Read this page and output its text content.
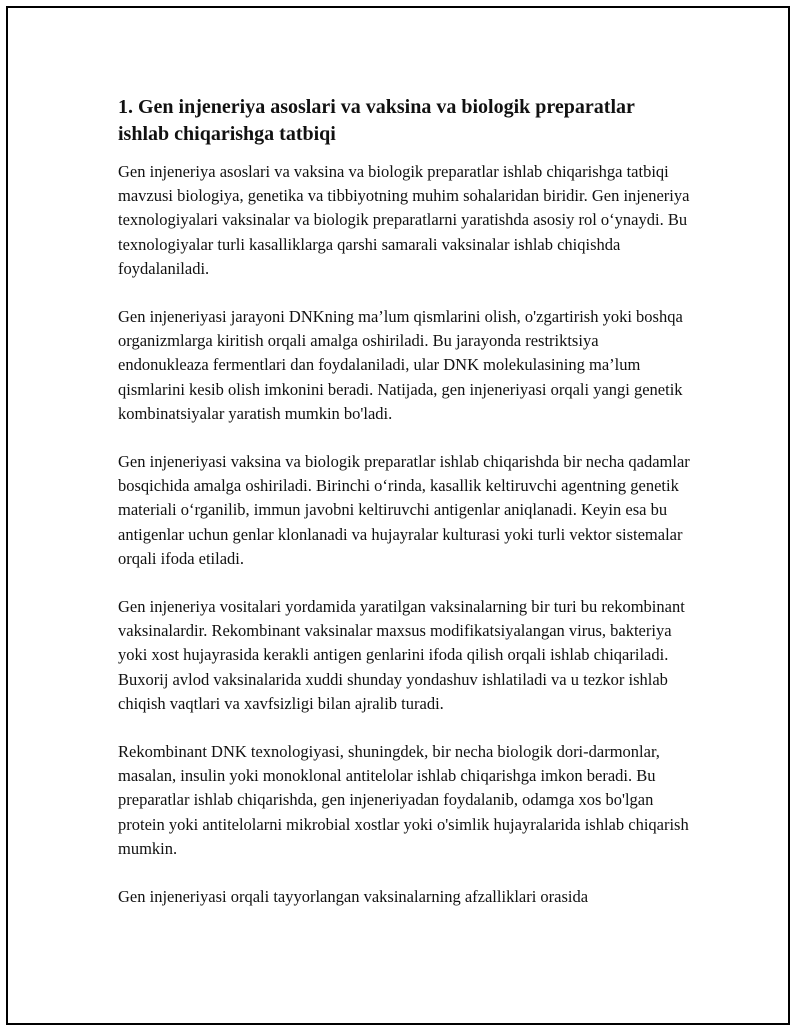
1. Gen injeneriya asoslari va vaksina va biologik preparatlar ishlab chiqarishga tatbiqi

Gen injeneriya asoslari va vaksina va biologik preparatlar ishlab chiqarishga tatbiqi mavzusi biologiya, genetika va tibbiyotning muhim sohalaridan biridir. Gen injeneriya texnologiyalari vaksinalar va biologik preparatlarni yaratishda asosiy rol o‘ynaydi. Bu texnologiyalar turli kasalliklarga qarshi samarali vaksinalar ishlab chiqishda foydalaniladi.

Gen injeneriyasi jarayoni DNKning ma’lum qismlarini olish, o'zgartirish yoki boshqa organizmlarga kiritish orqali amalga oshiriladi. Bu jarayonda restriktsiya endonukleaza fermentlari dan foydalaniladi, ular DNK molekulasining ma’lum qismlarini kesib olish imkonini beradi. Natijada, gen injeneriyasi orqali yangi genetik kombinatsiyalar yaratish mumkin bo'ladi.

Gen injeneriyasi vaksina va biologik preparatlar ishlab chiqarishda bir necha qadamlar bosqichida amalga oshiriladi. Birinchi o‘rinda, kasallik keltiruvchi agentning genetik materiali o‘rganilib, immun javobni keltiruvchi antigenlar aniqlanadi. Keyin esa bu antigenlar uchun genlar klonlanadi va hujayralar kulturasi yoki turli vektor sistemalar orqali ifoda etiladi.

Gen injeneriya vositalari yordamida yaratilgan vaksinalarning bir turi bu rekombinant vaksinalardir. Rekombinant vaksinalar maxsus modifikatsiyalangan virus, bakteriya yoki xost hujayrasida kerakli antigen genlarini ifoda qilish orqali ishlab chiqariladi. Buxorij avlod vaksinalarida xuddi shunday yondashuv ishlatiladi va u tezkor ishlab chiqish vaqtlari va xavfsizligi bilan ajralib turadi.

Rekombinant DNK texnologiyasi, shuningdek, bir necha biologik dori-darmonlar, masalan, insulin yoki monoklonal antitelolar ishlab chiqarishga imkon beradi. Bu preparatlar ishlab chiqarishda, gen injeneriyadan foydalanib, odamga xos bo'lgan protein yoki antitelolarni mikrobial xostlar yoki o'simlik hujayralarida ishlab chiqarish mumkin.

Gen injeneriyasi orqali tayyorlangan vaksinalarning afzalliklari orasida
